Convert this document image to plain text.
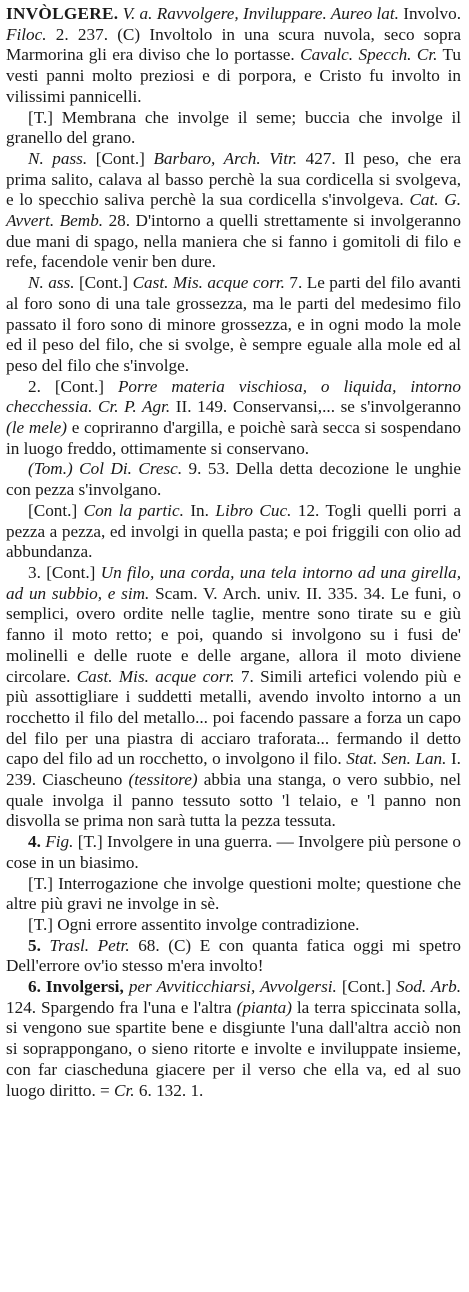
INVÒLGERE. V. a. Ravvolgere, Inviluppare. Aureo lat. Involvo. Filoc. 2. 237. (C) Involtolo in una scura nuvola, seco sopra Marmorina gli era diviso che lo portasse. Cavalc. Specch. Cr. Tu vesti panni molto preziosi e di porpora, e Cristo fu involto in vilissimi pannicelli.

[T.] Membrana che involge il seme; buccia che involge il granello del grano.

N. pass. [Cont.] Barbaro, Arch. Vitr. 427. Il peso, che era prima salito, calava al basso perchè la sua cordicella si svolgeva, e lo specchio saliva perchè la sua cordicella s'involgeva. Cat. G. Avvert. Bemb. 28. D'intorno a quelli strettamente si involgeranno due mani di spago, nella maniera che si fanno i gomitoli di filo e refe, facendole venir ben dure.

N. ass. [Cont.] Cast. Mis. acque corr. 7. Le parti del filo avanti al foro sono di una tale grossezza, ma le parti del medesimo filo passato il foro sono di minore grossezza, e in ogni modo la mole ed il peso del filo, che si svolge, è sempre eguale alla mole ed al peso del filo che s'involge.

2. [Cont.] Porre materia vischiosa, o liquida, intorno checchessia. Cr. P. Agr. II. 149. Conservansi,... se s'involgeranno (le mele) e copriranno d'argilla, e poichè sarà secca si sospendano in luogo freddo, ottimamente si conservano.

(Tom.) Col Di. Cresc. 9. 53. Della detta decozione le unghie con pezza s'involgano.

[Cont.] Con la partic. In. Libro Cuc. 12. Togli quelli porri a pezza a pezza, ed involgi in quella pasta; e poi friggili con olio ad abbundanza.

3. [Cont.] Un filo, una corda, una tela intorno ad una girella, ad un subbio, e sim. Scam. V. Arch. univ. II. 335. 34. Le funi, o semplici, overo ordite nelle taglie, mentre sono tirate su e giù fanno il moto retto; e poi, quando si involgono su i fusi de' molinelli e delle ruote e delle argane, allora il moto diviene circolare. Cast. Mis. acque corr. 7. Simili artefici volendo più e più assottigliare i suddetti metalli, avendo involto intorno a un rocchetto il filo del metallo... poi facendo passare a forza un capo del filo per una piastra di acciaro traforata... fermando il detto capo del filo ad un rocchetto, o involgono il filo. Stat. Sen. Lan. I. 239. Ciascheuno (tessitore) abbia una stanga, o vero subbio, nel quale involga il panno tessuto sotto 'l telaio, e 'l panno non disvolla se prima non sarà tutta la pezza tessuta.

4. Fig. [T.] Involgere in una guerra. — Involgere più persone o cose in un biasimo.

[T.] Interrogazione che involge questioni molte; questione che altre più gravi ne involge in sè.

[T.] Ogni errore assentito involge contradizione.

5. Trasl. Petr. 68. (C) E con quanta fatica oggi mi spetro Dell'errore ov'io stesso m'era involto!

6. Involgersi, per Avviticchiarsi, Avvolgersi. [Cont.] Sod. Arb. 124. Spargendo fra l'una e l'altra (pianta) la terra spiccinata solla, si vengono sue spartite bene e disgiunte l'una dall'altra acciò non si soprappongano, o sieno ritorte e involte e inviluppate insieme, con far ciascheduna giacere per il verso che ella va, ed al suo luogo diritto. = Cr. 6. 132. 1.
